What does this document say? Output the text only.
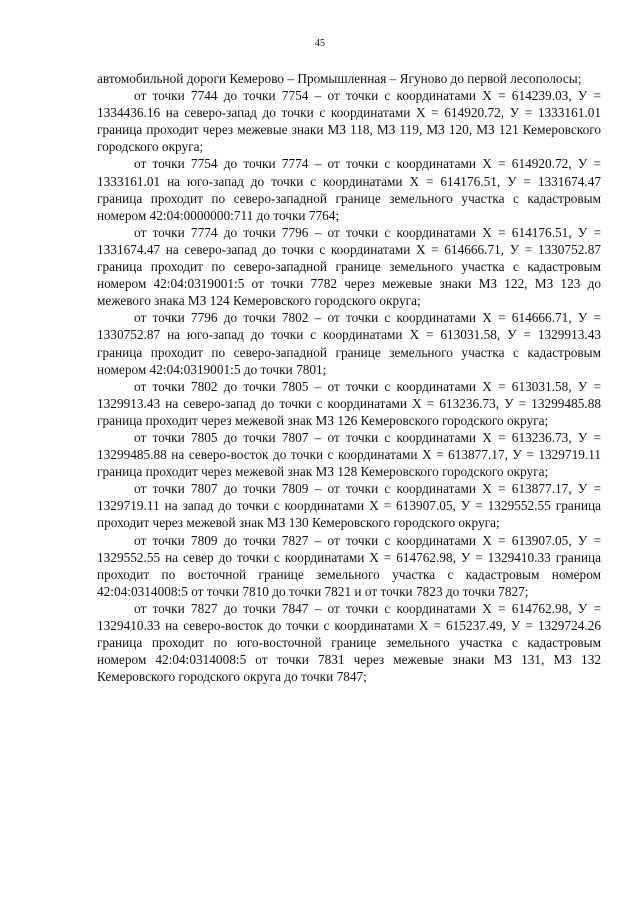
45

автомобильной дороги Кемерово – Промышленная – Ягуново до первой лесополосы;

от точки 7744 до точки 7754 – от точки с координатами Х = 614239.03, У = 1334436.16 на северо-запад до точки с координатами Х = 614920.72, У = 1333161.01 граница проходит через межевые знаки МЗ 118, МЗ 119, МЗ 120, МЗ 121 Кемеровского городского округа;

от точки 7754 до точки 7774 – от точки с координатами Х = 614920.72, У = 1333161.01 на юго-запад до точки с координатами Х = 614176.51, У = 1331674.47 граница проходит по северо-западной границе земельного участка с кадастровым номером 42:04:0000000:711 до точки 7764;

от точки 7774 до точки 7796 – от точки с координатами Х = 614176.51, У = 1331674.47 на северо-запад до точки с координатами Х = 614666.71, У = 1330752.87 граница проходит по северо-западной границе земельного участка с кадастровым номером 42:04:0319001:5 от точки 7782 через межевые знаки МЗ 122, МЗ 123 до межевого знака МЗ 124 Кемеровского городского округа;

от точки 7796 до точки 7802 – от точки с координатами Х = 614666.71, У = 1330752.87 на юго-запад до точки с координатами Х = 613031.58, У = 1329913.43 граница проходит по северо-западной границе земельного участка с кадастровым номером 42:04:0319001:5 до точки 7801;

от точки 7802 до точки 7805 – от точки с координатами Х = 613031.58, У = 1329913.43 на северо-запад до точки с координатами Х = 613236.73, У = 13299485.88 граница проходит через межевой знак МЗ 126 Кемеровского городского округа;

от точки 7805 до точки 7807 – от точки с координатами Х = 613236.73, У = 13299485.88 на северо-восток до точки с координатами Х = 613877.17, У = 1329719.11 граница проходит через межевой знак МЗ 128 Кемеровского городского округа;

от точки 7807 до точки 7809 – от точки с координатами Х = 613877.17, У = 1329719.11 на запад до точки с координатами Х = 613907.05, У = 1329552.55 граница проходит через межевой знак МЗ 130 Кемеровского городского округа;

от точки 7809 до точки 7827 – от точки с координатами Х = 613907.05, У = 1329552.55 на север до точки с координатами Х = 614762.98, У = 1329410.33 граница проходит по восточной границе земельного участка с кадастровым номером 42:04:0314008:5 от точки 7810 до точки 7821 и от точки 7823 до точки 7827;

от точки 7827 до точки 7847 – от точки с координатами Х = 614762.98, У = 1329410.33 на северо-восток до точки с координатами Х = 615237.49, У = 1329724.26 граница проходит по юго-восточной границе земельного участка с кадастровым номером 42:04:0314008:5 от точки 7831 через межевые знаки МЗ 131, МЗ 132 Кемеровского городского округа до точки 7847;
